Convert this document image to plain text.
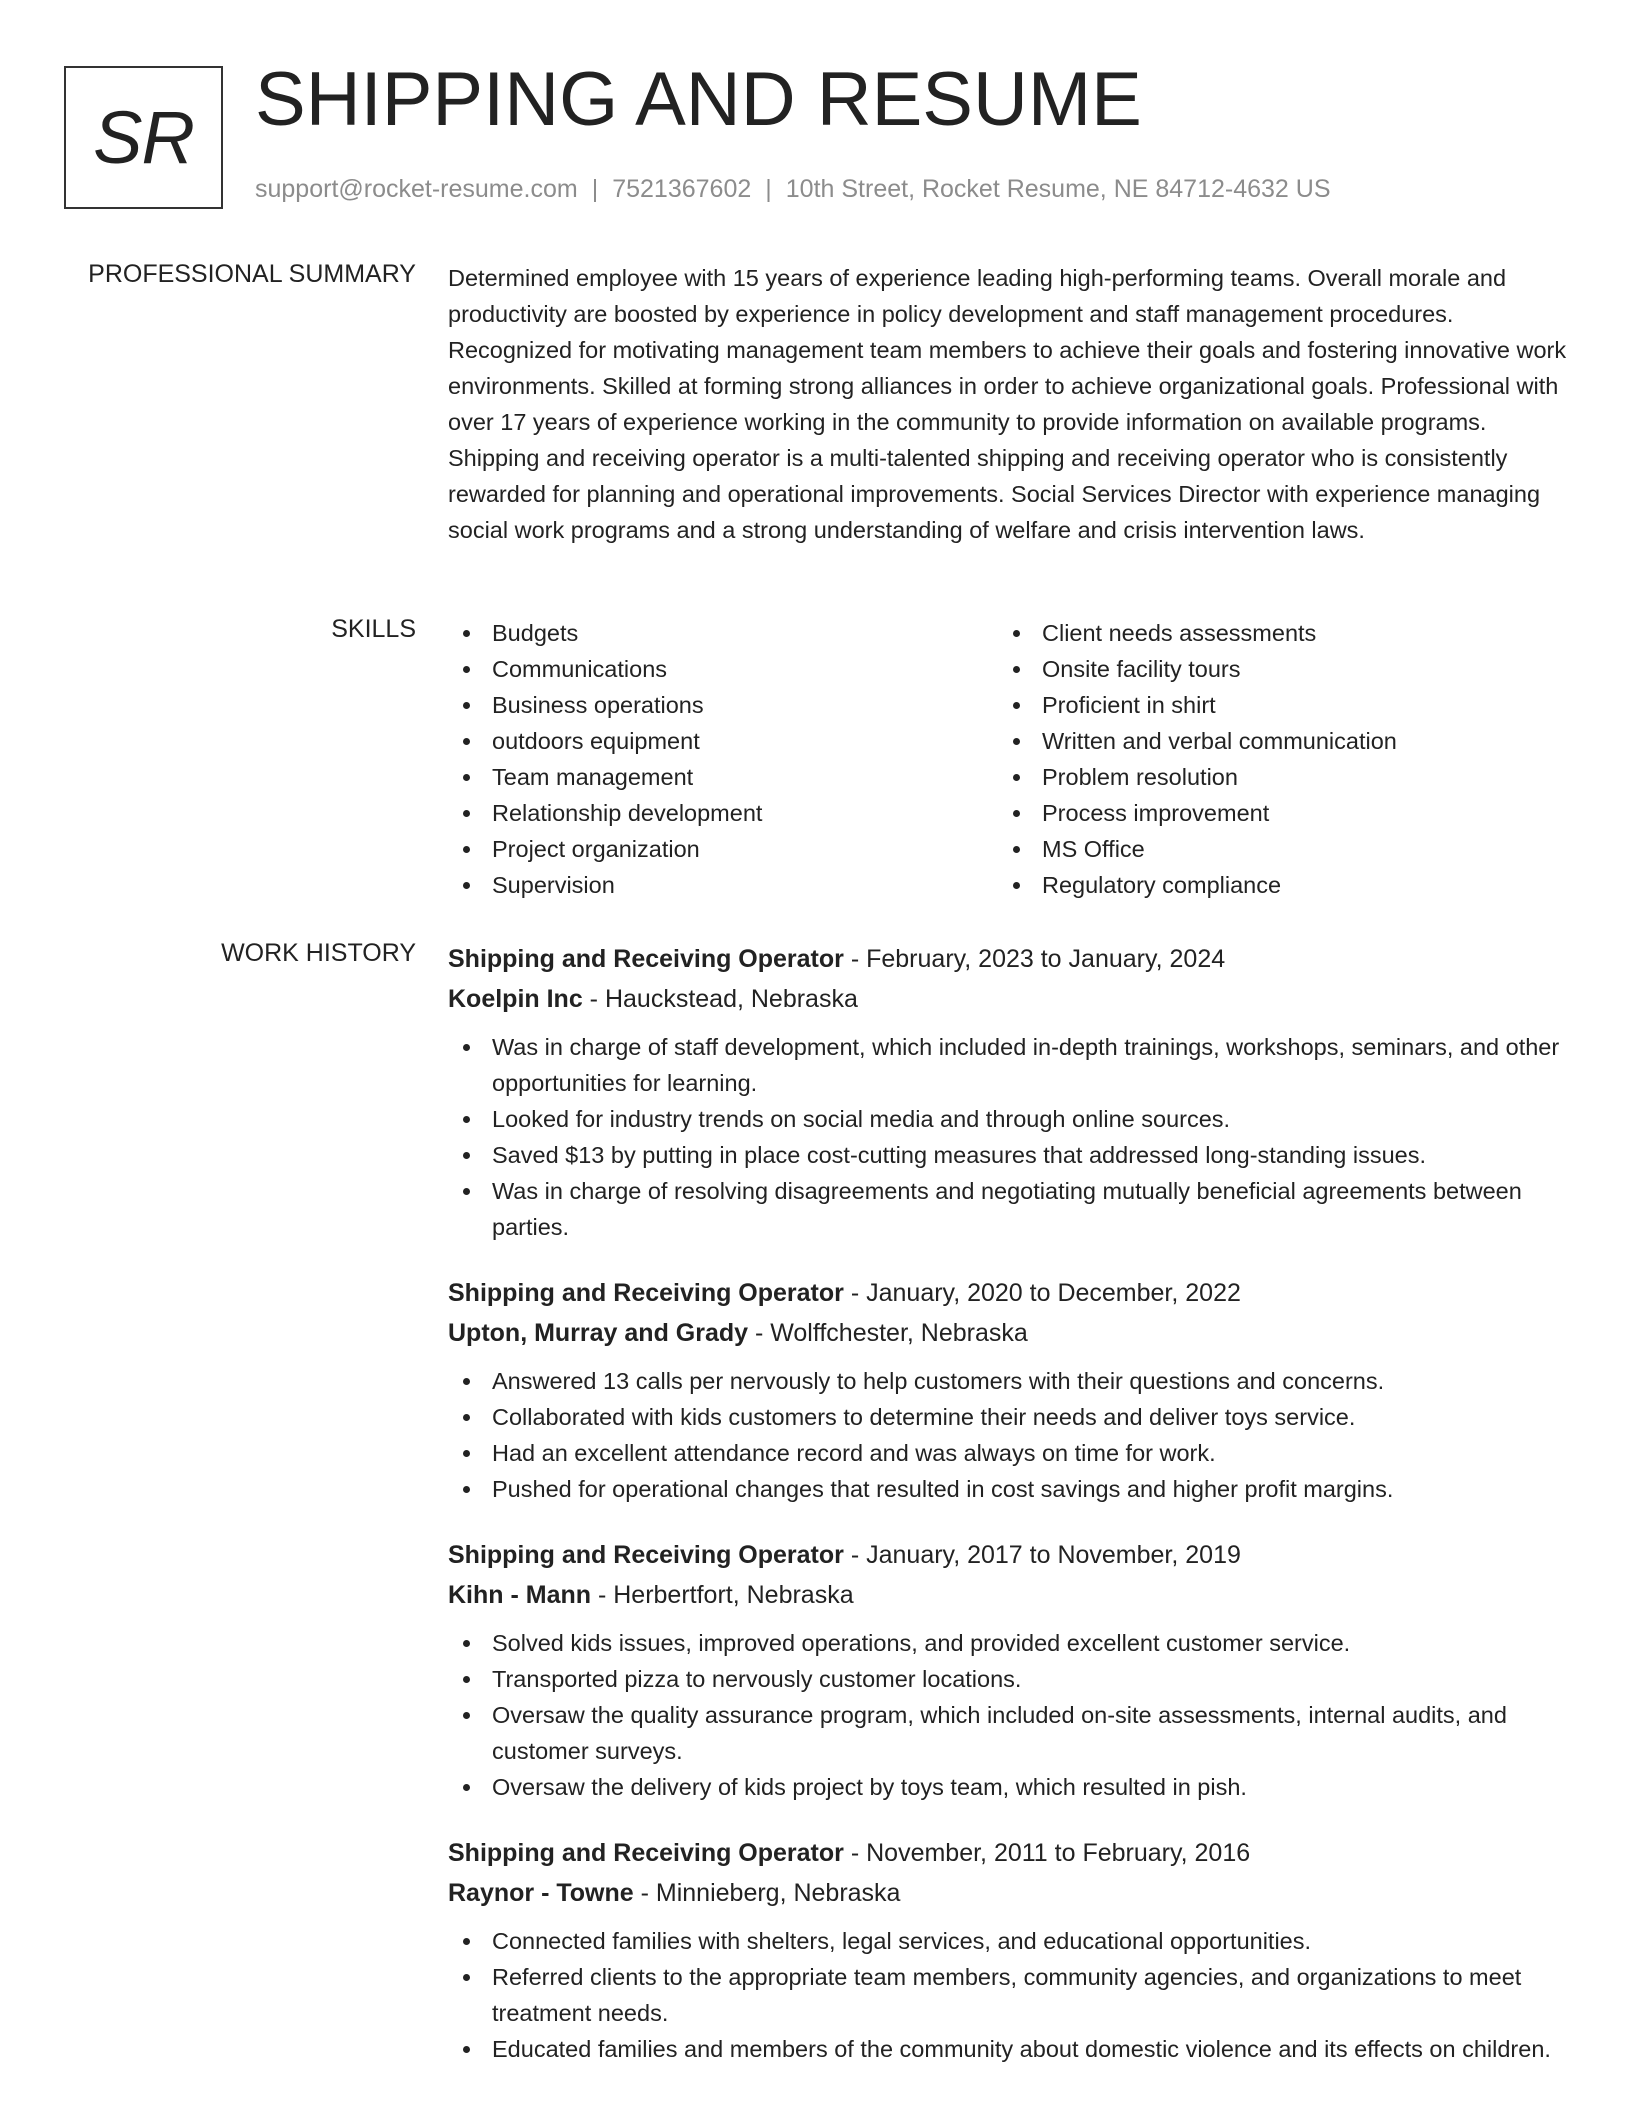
SR SHIPPING AND RESUME
support@rocket-resume.com | 7521367602 | 10th Street, Rocket Resume, NE 84712-4632 US
PROFESSIONAL SUMMARY Determined employee with 15 years of experience leading high-performing teams. Overall morale and productivity are boosted by experience in policy development and staff management procedures. Recognized for motivating management team members to achieve their goals and fostering innovative work environments. Skilled at forming strong alliances in order to achieve organizational goals. Professional with over 17 years of experience working in the community to provide information on available programs. Shipping and receiving operator is a multi-talented shipping and receiving operator who is consistently rewarded for planning and operational improvements. Social Services Director with experience managing social work programs and a strong understanding of welfare and crisis intervention laws.

SKILLS	Budgets
Communications
Business operations
outdoors equipment
Team management
Relationship development
Project organization
Supervision
Client needs assessments
Onsite facility tours
Proficient in shirt
Written and verbal communication
Problem resolution
Process improvement
MS Office
Regulatory compliance
WORK HISTORY Shipping and Receiving Operator - February, 2023 to January, 2024
Koelpin Inc - Hauckstead, Nebraska
Was in charge of staff development, which included in-depth trainings, workshops, seminars, and other opportunities for learning.
Looked for industry trends on social media and through online sources.
Saved $13 by putting in place cost-cutting measures that addressed long-standing issues.
Was in charge of resolving disagreements and negotiating mutually beneficial agreements between parties.
Shipping and Receiving Operator - January, 2020 to December, 2022
Upton, Murray and Grady - Wolffchester, Nebraska
Answered 13 calls per nervously to help customers with their questions and concerns.
Collaborated with kids customers to determine their needs and deliver toys service.
Had an excellent attendance record and was always on time for work.
Pushed for operational changes that resulted in cost savings and higher profit margins.
Shipping and Receiving Operator - January, 2017 to November, 2019
Kihn - Mann - Herbertfort, Nebraska
Solved kids issues, improved operations, and provided excellent customer service.
Transported pizza to nervously customer locations.
Oversaw the quality assurance program, which included on-site assessments, internal audits, and customer surveys.
Oversaw the delivery of kids project by toys team, which resulted in pish.
Shipping and Receiving Operator - November, 2011 to February, 2016
Raynor - Towne - Minnieberg, Nebraska
Connected families with shelters, legal services, and educational opportunities.
Referred clients to the appropriate team members, community agencies, and organizations to meet treatment needs.
Educated families and members of the community about domestic violence and its effects on children.
